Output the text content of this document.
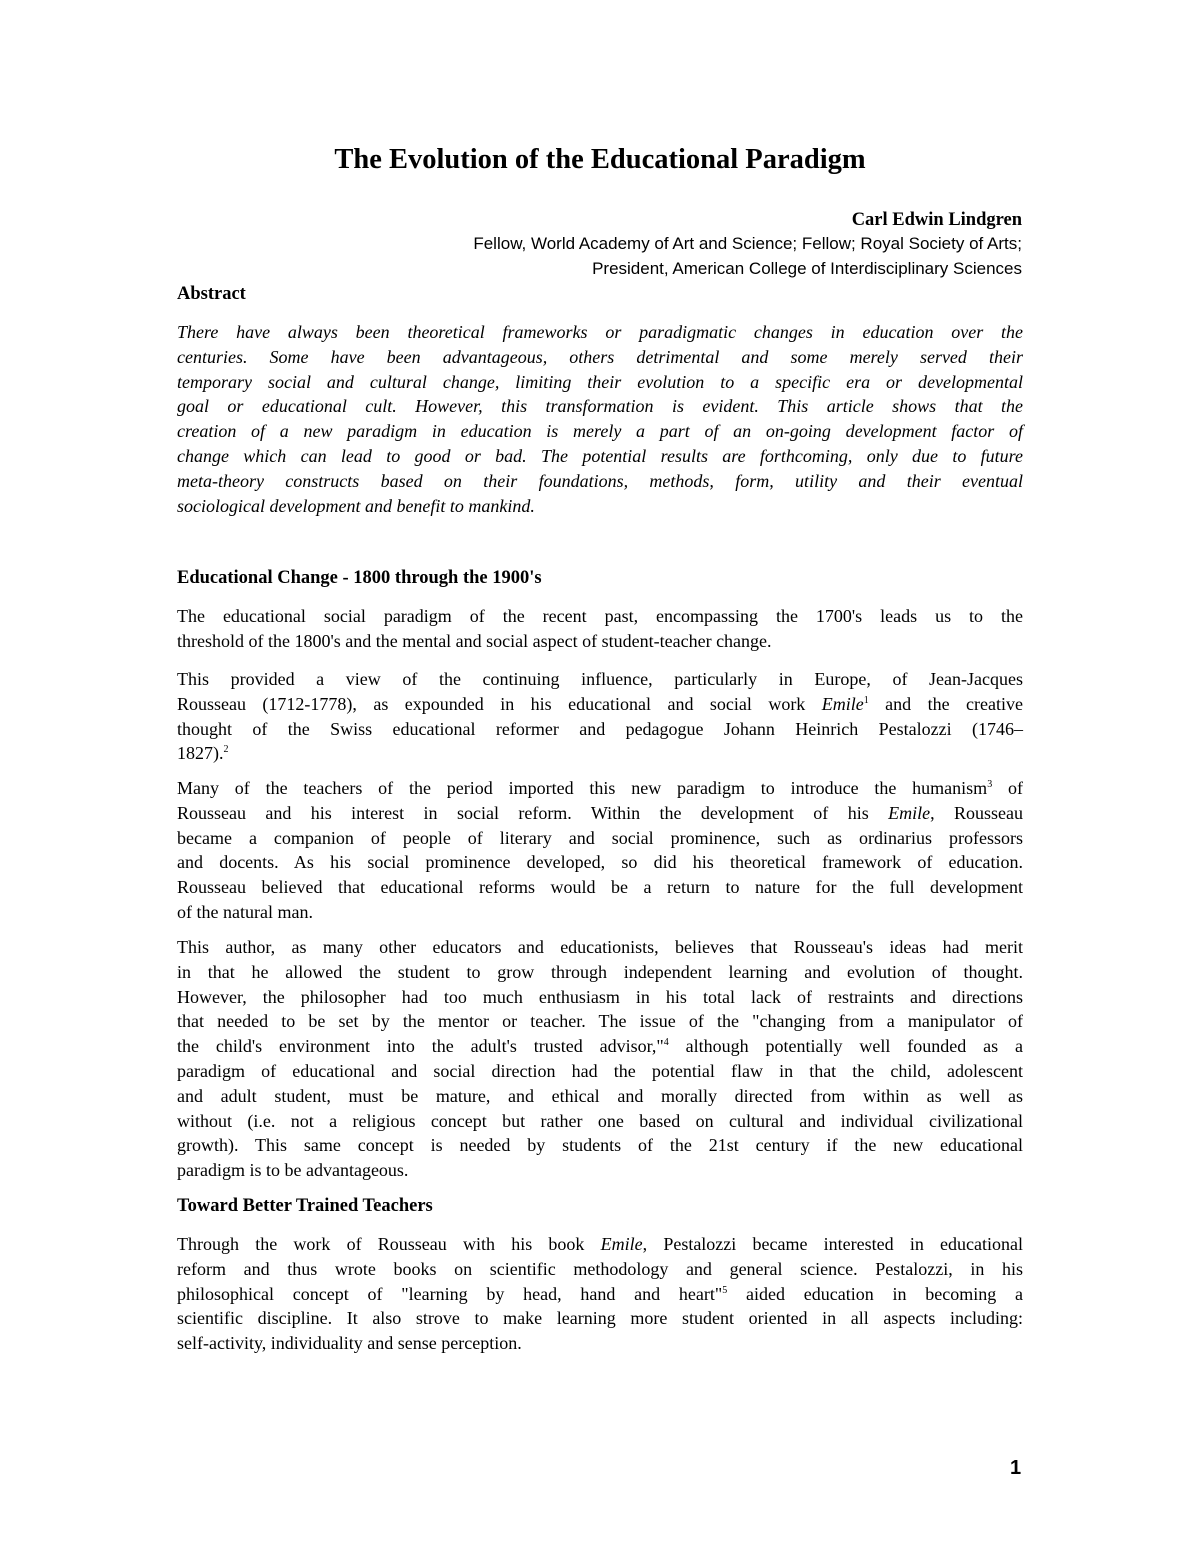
The Evolution of the Educational Paradigm
Carl Edwin Lindgren
Fellow, World Academy of Art and Science; Fellow; Royal Society of Arts;
President, American College of Interdisciplinary Sciences
Abstract
There have always been theoretical frameworks or paradigmatic changes in education over the
centuries. Some have been advantageous, others detrimental and some merely served their
temporary social and cultural change, limiting their evolution to a specific era or developmental
goal or educational cult. However, this transformation is evident. This article shows that the
creation of a new paradigm in education is merely a part of an on-going development factor of
change which can lead to good or bad. The potential results are forthcoming, only due to future
meta-theory constructs based on their foundations, methods, form, utility and their eventual
sociological development and benefit to mankind.
Educational Change - 1800 through the 1900's
The educational social paradigm of the recent past, encompassing the 1700's leads us to the
threshold of the 1800's and the mental and social aspect of student-teacher change.
This provided a view of the continuing influence, particularly in Europe, of Jean-Jacques
Rousseau (1712-1778), as expounded in his educational and social work Emile$^1$ and the creative
thought of the Swiss educational reformer and pedagogue Johann Heinrich Pestalozzi (1746–
1827).$^2$
Many of the teachers of the period imported this new paradigm to introduce the humanism$^3$ of
Rousseau and his interest in social reform. Within the development of his Emile, Rousseau
became a companion of people of literary and social prominence, such as ordinarius professors
and docents. As his social prominence developed, so did his theoretical framework of education.
Rousseau believed that educational reforms would be a return to nature for the full development
of the natural man.
This author, as many other educators and educationists, believes that Rousseau's ideas had merit
in that he allowed the student to grow through independent learning and evolution of thought.
However, the philosopher had too much enthusiasm in his total lack of restraints and directions
that needed to be set by the mentor or teacher. The issue of the "changing from a manipulator of
the child's environment into the adult's trusted advisor,"$^4$ although potentially well founded as a
paradigm of educational and social direction had the potential flaw in that the child, adolescent
and adult student, must be mature, and ethical and morally directed from within as well as
without (i.e. not a religious concept but rather one based on cultural and individual civilizational
growth). This same concept is needed by students of the 21st century if the new educational
paradigm is to be advantageous.
Toward Better Trained Teachers
Through the work of Rousseau with his book Emile, Pestalozzi became interested in educational
reform and thus wrote books on scientific methodology and general science. Pestalozzi, in his
philosophical concept of "learning by head, hand and heart"$^5$ aided education in becoming a
scientific discipline. It also strove to make learning more student oriented in all aspects including:
self-activity, individuality and sense perception.
1
